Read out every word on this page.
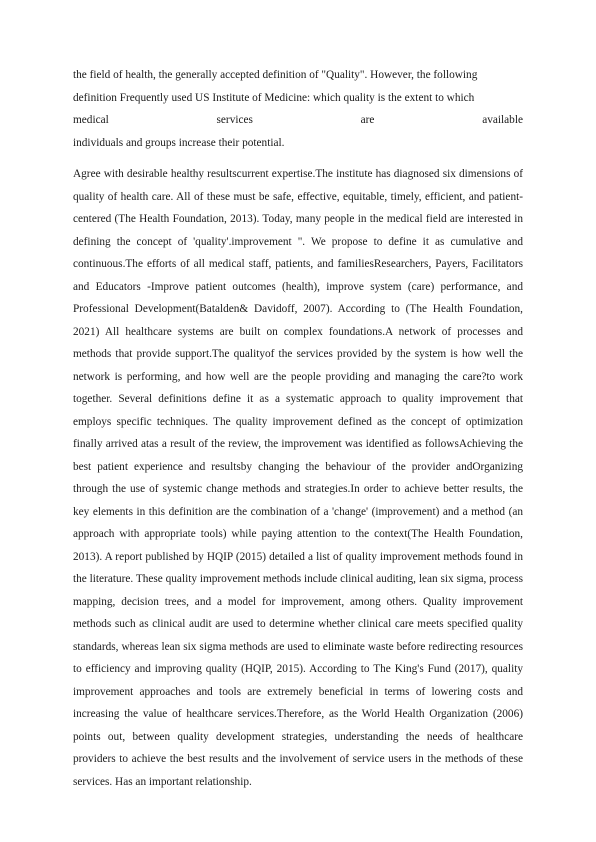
the field of health, the generally accepted definition of "Quality". However, the following
definition Frequently used US Institute of Medicine: which quality is the extent to which
medical	services	are	available
individuals and groups increase their potential.

Agree with desirable healthy resultscurrent expertise.The institute has diagnosed six dimensions of quality of health care. All of these must be safe, effective, equitable, timely, efficient, and patient-centered (The Health Foundation, 2013). Today, many people in the medical field are interested in defining the concept of 'quality'.improvement ". We propose to define it as cumulative and continuous.The efforts of all medical staff, patients, and familiesResearchers, Payers, Facilitators and Educators -Improve patient outcomes (health), improve system (care) performance, and Professional Development(Batalden& Davidoff, 2007). According to (The Health Foundation, 2021) All healthcare systems are built on complex foundations.A network of processes and methods that provide support.The qualityof the services provided by the system is how well the network is performing, and how well are the people providing and managing the care?to work together. Several definitions define it as a systematic approach to quality improvement that employs specific techniques. The quality improvement defined as the concept of optimization finally arrived atas a result of the review, the improvement was identified as followsAchieving the best patient experience and resultsby changing the behaviour of the provider andOrganizing through the use of systemic change methods and strategies.In order to achieve better results, the key elements in this definition are the combination of a 'change' (improvement) and a method (an approach with appropriate tools) while paying attention to the context(The Health Foundation, 2013). A report published by HQIP (2015) detailed a list of quality improvement methods found in the literature. These quality improvement methods include clinical auditing, lean six sigma, process mapping, decision trees, and a model for improvement, among others. Quality improvement methods such as clinical audit are used to determine whether clinical care meets specified quality standards, whereas lean six sigma methods are used to eliminate waste before redirecting resources to efficiency and improving quality (HQIP, 2015). According to The King's Fund (2017), quality improvement approaches and tools are extremely beneficial in terms of lowering costs and increasing the value of healthcare services.Therefore, as the World Health Organization (2006) points out, between quality development strategies, understanding the needs of healthcare providers to achieve the best results and the involvement of service users in the methods of these services. Has an important relationship.
